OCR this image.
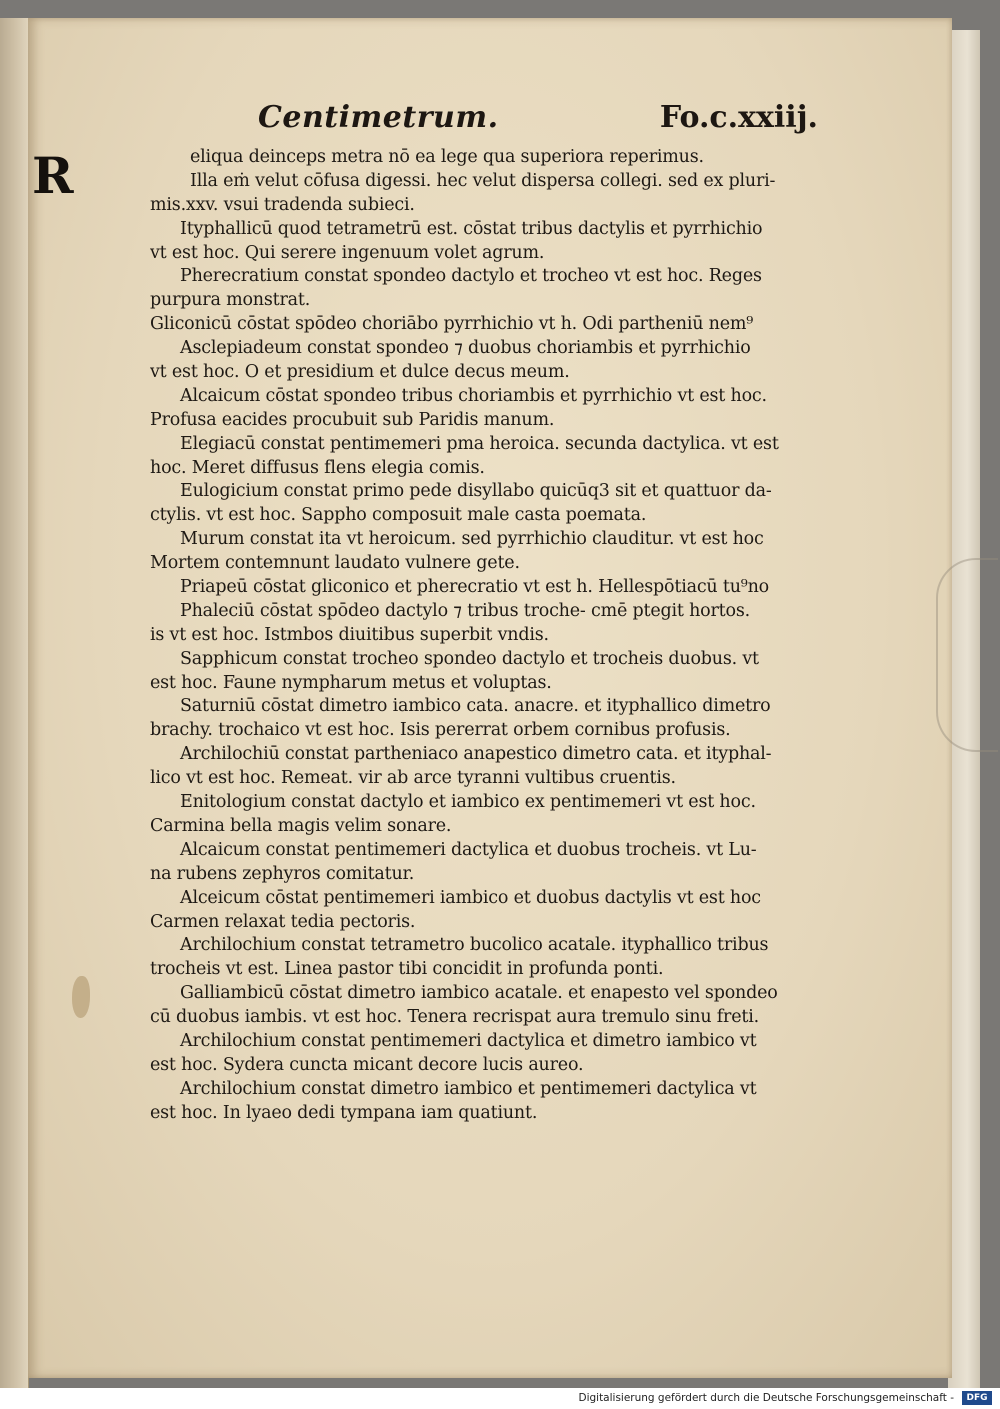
Centimetrum.	Fo.c.xxiij.
R	eliqua deinceps metra nō ea lege qua superiora reperimus.
Illa eṁ velut cōfusa digessi. hec velut dispersa collegi. sed ex pluri-
mis.xxv. vsui tradenda subieci.
Ityphallicū quod tetrametrū est. cōstat tribus dactylis et pyrrhichio
vt est hoc. Qui serere ingenuum volet agrum.
Pherecratium constat spondeo dactylo et trocheo vt est hoc. Reges
purpura monstrat.
Gliconicū cōstat spōdeo choriābo pyrrhichio vt h. Odi partheniū nem⁹
Asclepiadeum constat spondeo ⁊ duobus choriambis et pyrrhichio
vt est hoc. O et presidium et dulce decus meum.
Alcaicum cōstat spondeo tribus choriambis et pyrrhichio vt est hoc.
Profusa eacides procubuit sub Paridis manum.
Elegiacū constat pentimemeri pma heroica. secunda dactylica. vt est
hoc. Meret diffusus flens elegia comis.
Eulogicium constat primo pede disyllabo quicūq3 sit et quattuor da-
ctylis. vt est hoc. Sappho composuit male casta poemata.
Murum constat ita vt heroicum. sed pyrrhichio clauditur. vt est hoc
Mortem contemnunt laudato vulnere gete.
Priapeū cōstat gliconico et pherecratio vt est h. Hellespōtiacū tu⁹no
Phaleciū cōstat spōdeo dactylo ⁊ tribus troche- cmē ptegit hortos.
is vt est hoc. Istmbos diuitibus superbit vndis.
Sapphicum constat trocheo spondeo dactylo et trocheis duobus. vt
est hoc. Faune nympharum metus et voluptas.
Saturniū cōstat dimetro iambico cata. anacre. et ityphallico dimetro
brachy. trochaico vt est hoc. Isis pererrat orbem cornibus profusis.
Archilochiū constat partheniaco anapestico dimetro cata. et ityphal-
lico vt est hoc. Remeat. vir ab arce tyranni vultibus cruentis.
Enitologium constat dactylo et iambico ex pentimemeri vt est hoc.
Carmina bella magis velim sonare.
Alcaicum constat pentimemeri dactylica et duobus trocheis. vt Lu-
na rubens zephyros comitatur.
Alceicum cōstat pentimemeri iambico et duobus dactylis vt est hoc
Carmen relaxat tedia pectoris.
Archilochium constat tetrametro bucolico acatale. ityphallico tribus
trocheis vt est. Linea pastor tibi concidit in profunda ponti.
Galliambicū cōstat dimetro iambico acatale. et enapesto vel spondeo
cū duobus iambis. vt est hoc. Tenera recrispat aura tremulo sinu freti.
Archilochium constat pentimemeri dactylica et dimetro iambico vt
est hoc. Sydera cuncta micant decore lucis aureo.
Archilochium constat dimetro iambico et pentimemeri dactylica vt
est hoc. In lyaeo dedi tympana iam quatiunt.
Digitalisierung gefördert durch die Deutsche Forschungsgemeinschaft -	DFG
